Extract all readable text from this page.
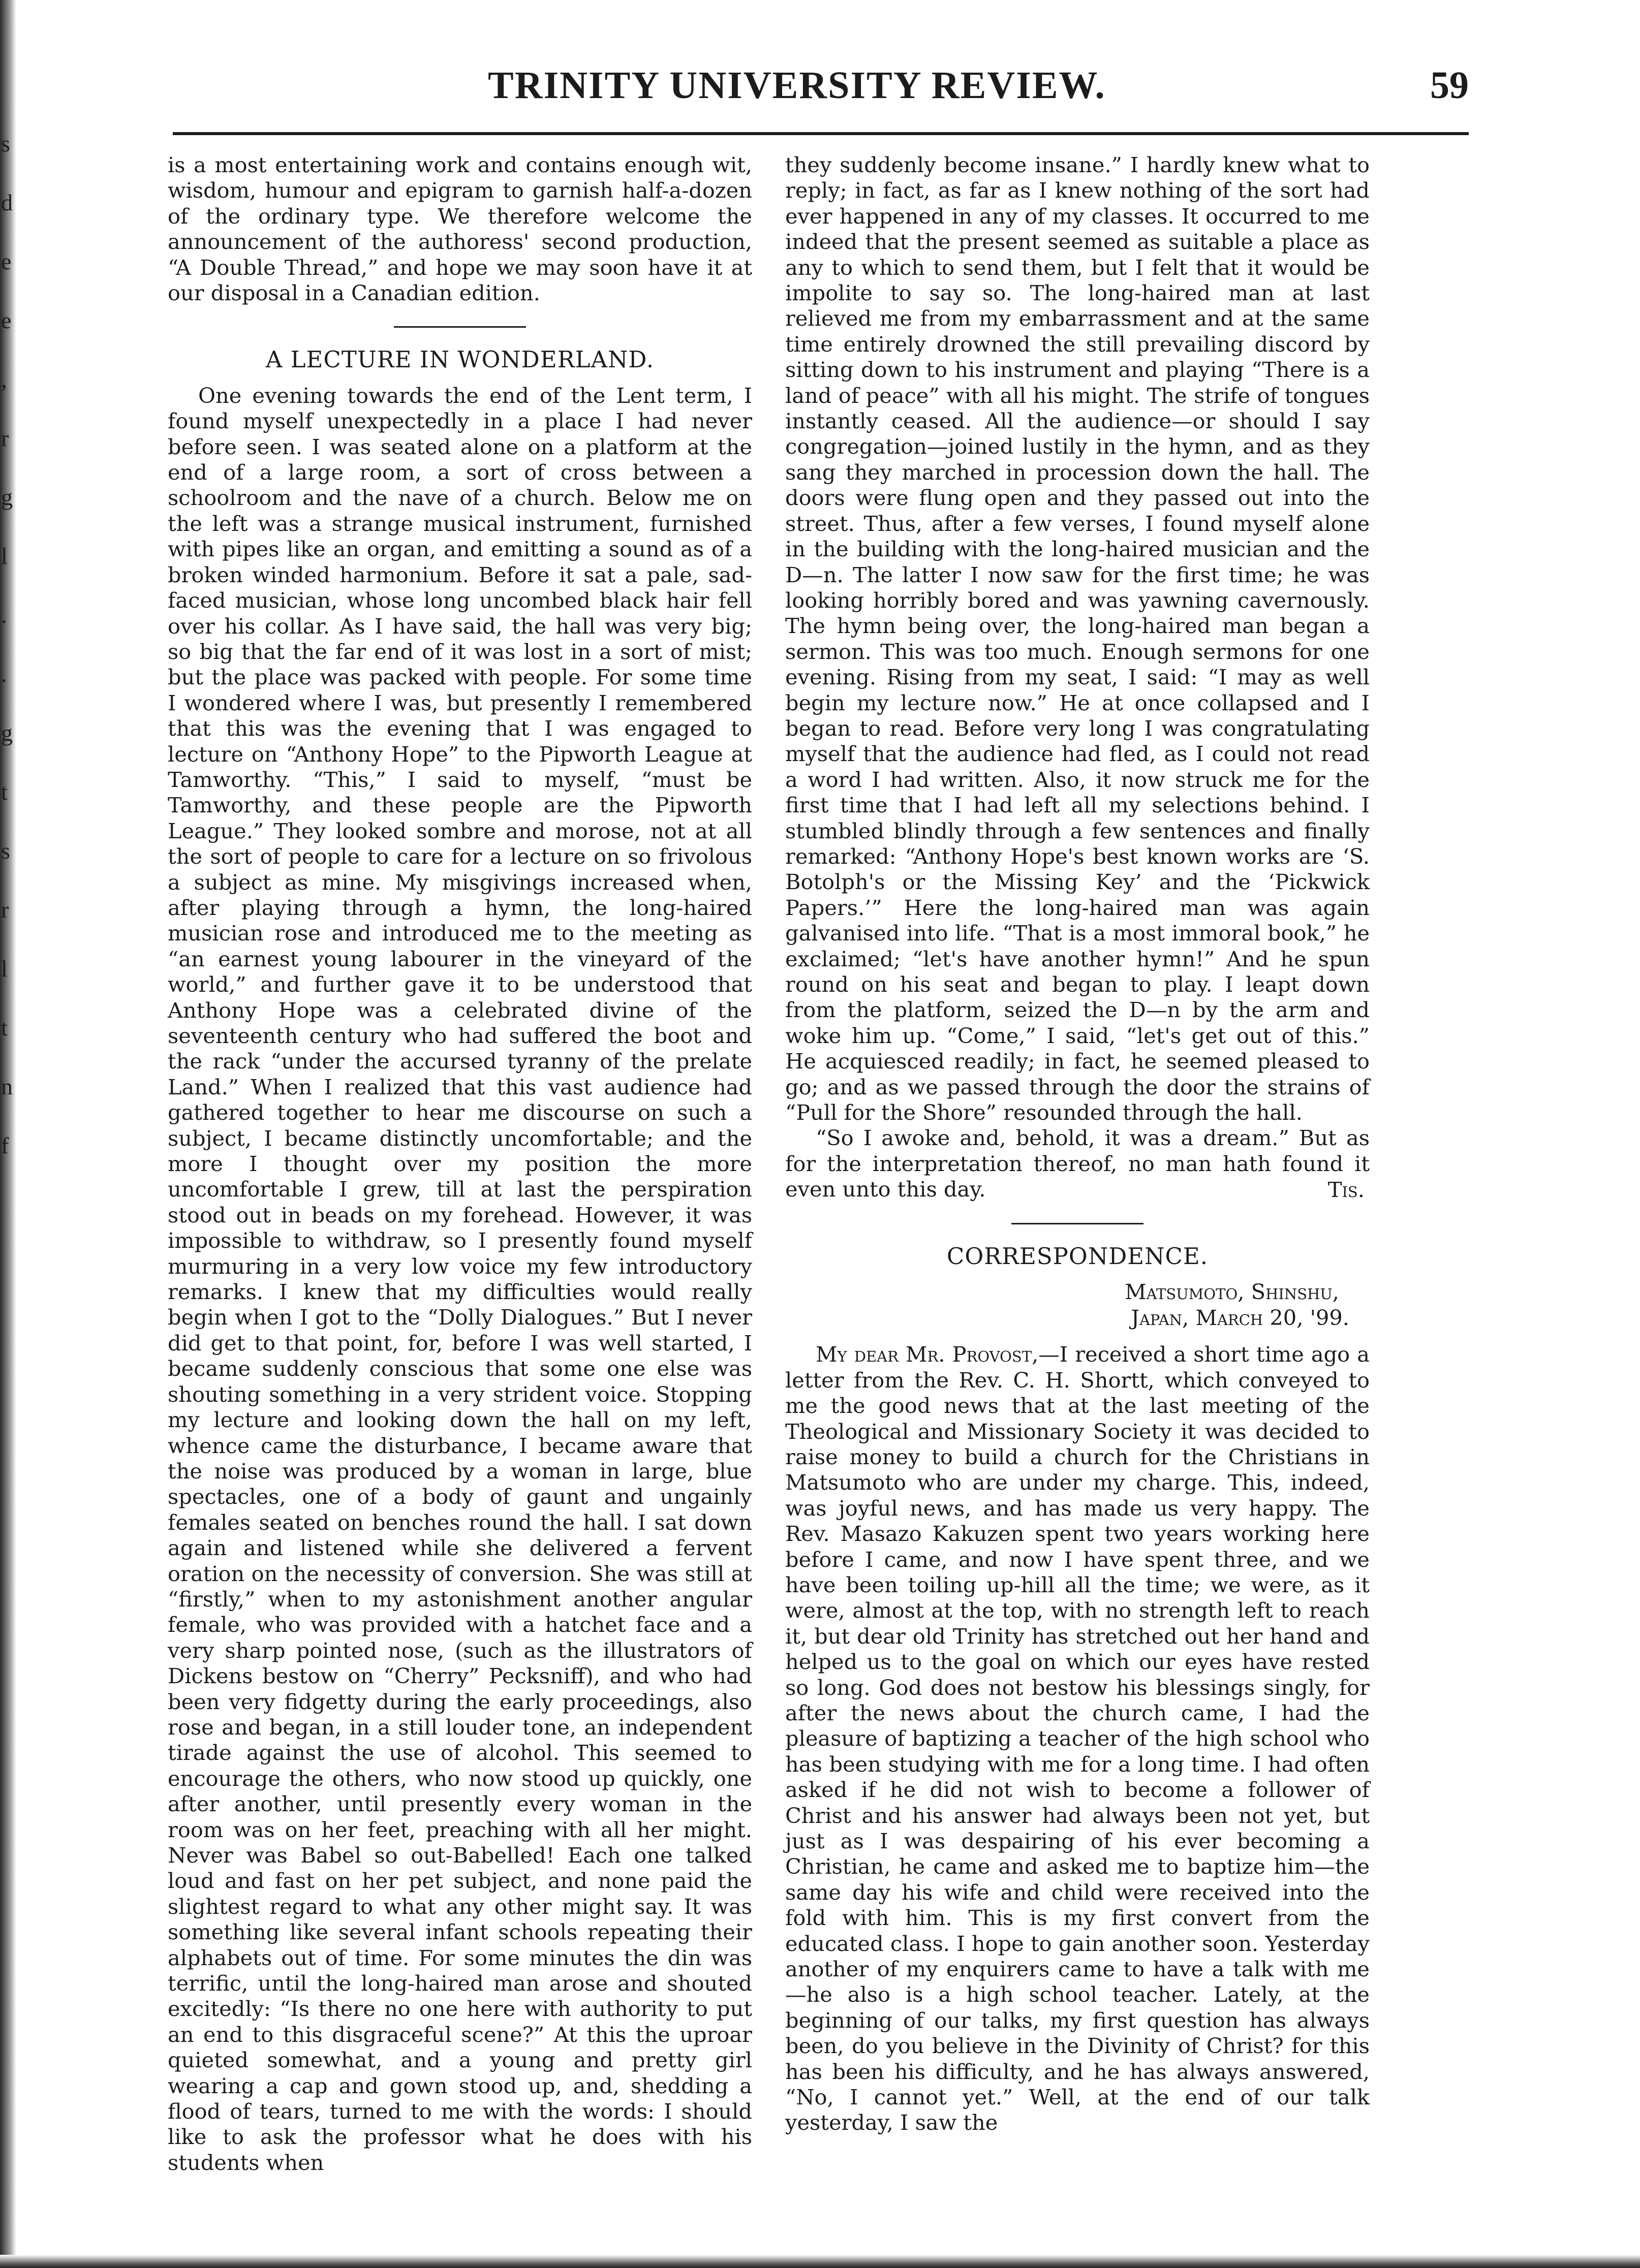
s
d
e
e
,
r
g
l
.
.
g
t
s
r
l
t
n
f
TRINITY UNIVERSITY REVIEW.	59

is a most entertaining work and contains enough wit, wisdom, humour and epigram to garnish half-a-dozen of the ordinary type. We therefore welcome the announcement of the authoress' second production, “A Double Thread,” and hope we may soon have it at our disposal in a Canadian edition.

A LECTURE IN WONDERLAND.

One evening towards the end of the Lent term, I found myself unexpectedly in a place I had never before seen. I was seated alone on a platform at the end of a large room, a sort of cross between a schoolroom and the nave of a church. Below me on the left was a strange musical instrument, furnished with pipes like an organ, and emitting a sound as of a broken winded harmonium. Before it sat a pale, sad-faced musician, whose long uncombed black hair fell over his collar. As I have said, the hall was very big; so big that the far end of it was lost in a sort of mist; but the place was packed with people. For some time I wondered where I was, but presently I remembered that this was the evening that I was engaged to lecture on “Anthony Hope” to the Pipworth League at Tamworthy. “This,” I said to myself, “must be Tamworthy, and these people are the Pipworth League.” They looked sombre and morose, not at all the sort of people to care for a lecture on so frivolous a subject as mine. My misgivings increased when, after playing through a hymn, the long-haired musician rose and introduced me to the meeting as “an earnest young labourer in the vineyard of the world,” and further gave it to be understood that Anthony Hope was a celebrated divine of the seventeenth century who had suffered the boot and the rack “under the accursed tyranny of the prelate Land.” When I realized that this vast audience had gathered together to hear me discourse on such a subject, I became distinctly uncomfortable; and the more I thought over my position the more uncomfortable I grew, till at last the perspiration stood out in beads on my forehead. However, it was impossible to withdraw, so I presently found myself murmuring in a very low voice my few introductory remarks. I knew that my difficulties would really begin when I got to the “Dolly Dialogues.” But I never did get to that point, for, before I was well started, I became suddenly conscious that some one else was shouting something in a very strident voice. Stopping my lecture and looking down the hall on my left, whence came the disturbance, I became aware that the noise was produced by a woman in large, blue spectacles, one of a body of gaunt and ungainly females seated on benches round the hall. I sat down again and listened while she delivered a fervent oration on the necessity of conversion. She was still at “firstly,” when to my astonishment another angular female, who was provided with a hatchet face and a very sharp pointed nose, (such as the illustrators of Dickens bestow on “Cherry” Pecksniff), and who had been very fidgetty during the early proceedings, also rose and began, in a still louder tone, an independent tirade against the use of alcohol. This seemed to encourage the others, who now stood up quickly, one after another, until presently every woman in the room was on her feet, preaching with all her might. Never was Babel so out-Babelled! Each one talked loud and fast on her pet subject, and none paid the slightest regard to what any other might say. It was something like several infant schools repeating their alphabets out of time. For some minutes the din was terrific, until the long-haired man arose and shouted excitedly: “Is there no one here with authority to put an end to this disgraceful scene?” At this the uproar quieted somewhat, and a young and pretty girl wearing a cap and gown stood up, and, shedding a flood of tears, turned to me with the words: I should like to ask the professor what he does with his students when

they suddenly become insane.” I hardly knew what to reply; in fact, as far as I knew nothing of the sort had ever happened in any of my classes. It occurred to me indeed that the present seemed as suitable a place as any to which to send them, but I felt that it would be impolite to say so. The long-haired man at last relieved me from my embarrassment and at the same time entirely drowned the still prevailing discord by sitting down to his instrument and playing “There is a land of peace” with all his might. The strife of tongues instantly ceased. All the audience—or should I say congregation—joined lustily in the hymn, and as they sang they marched in procession down the hall. The doors were flung open and they passed out into the street. Thus, after a few verses, I found myself alone in the building with the long-haired musician and the D—n. The latter I now saw for the first time; he was looking horribly bored and was yawning cavernously. The hymn being over, the long-haired man began a sermon. This was too much. Enough sermons for one evening. Rising from my seat, I said: “I may as well begin my lecture now.” He at once collapsed and I began to read. Before very long I was congratulating myself that the audience had fled, as I could not read a word I had written. Also, it now struck me for the first time that I had left all my selections behind. I stumbled blindly through a few sentences and finally remarked: “Anthony Hope's best known works are ‘S. Botolph's or the Missing Key’ and the ‘Pickwick Papers.’” Here the long-haired man was again galvanised into life. “That is a most immoral book,” he exclaimed; “let's have another hymn!” And he spun round on his seat and began to play. I leapt down from the platform, seized the D—n by the arm and woke him up. “Come,” I said, “let's get out of this.” He acquiesced readily; in fact, he seemed pleased to go; and as we passed through the door the strains of “Pull for the Shore” resounded through the hall.

“So I awoke and, behold, it was a dream.” But as for the interpretation thereof, no man hath found it even unto this day.	Tis.
CORRESPONDENCE.
Matsumoto, Shinshu,
Japan, March 20, '99.

My dear Mr. Provost,—I received a short time ago a letter from the Rev. C. H. Shortt, which conveyed to me the good news that at the last meeting of the Theological and Missionary Society it was decided to raise money to build a church for the Christians in Matsumoto who are under my charge. This, indeed, was joyful news, and has made us very happy. The Rev. Masazo Kakuzen spent two years working here before I came, and now I have spent three, and we have been toiling up-hill all the time; we were, as it were, almost at the top, with no strength left to reach it, but dear old Trinity has stretched out her hand and helped us to the goal on which our eyes have rested so long. God does not bestow his blessings singly, for after the news about the church came, I had the pleasure of baptizing a teacher of the high school who has been studying with me for a long time. I had often asked if he did not wish to become a follower of Christ and his answer had always been not yet, but just as I was despairing of his ever becoming a Christian, he came and asked me to baptize him—the same day his wife and child were received into the fold with him. This is my first convert from the educated class. I hope to gain another soon. Yesterday another of my enquirers came to have a talk with me—he also is a high school teacher. Lately, at the beginning of our talks, my first question has always been, do you believe in the Divinity of Christ? for this has been his difficulty, and he has always answered, “No, I cannot yet.” Well, at the end of our talk yesterday, I saw the
